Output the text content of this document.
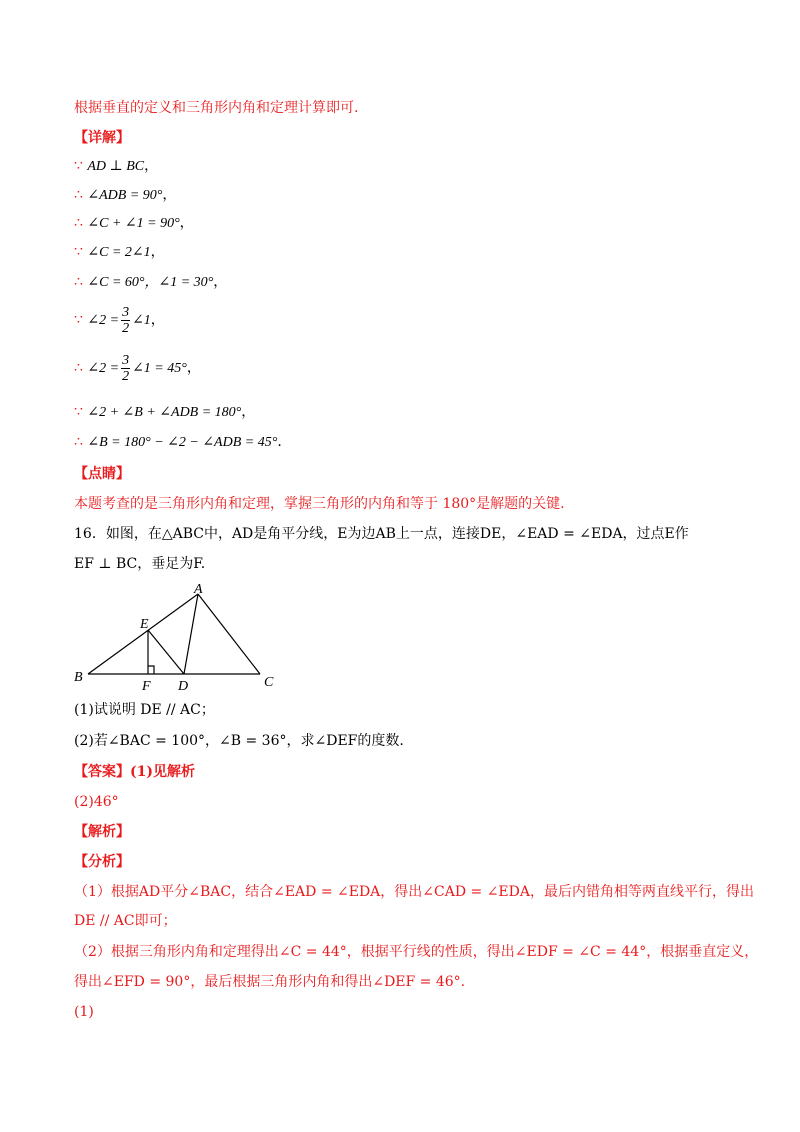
根据垂直的定义和三角形内角和定理计算即可.
【详解】
∵ AD ⊥ BC，
∴ ∠ADB = 90°，
∴ ∠C + ∠1 = 90°，
∵ ∠C = 2∠1，
∴ ∠C = 60°，∠1 = 30°，
∵ ∠2 = $\frac{3}{2}$ ∠1，
∴ ∠2 = $\frac{3}{2}$ ∠1 = 45°，
∵ ∠2 + ∠B + ∠ADB = 180°，
∴ ∠B = 180° − ∠2 − ∠ADB = 45°.
【点睛】
本题考查的是三角形内角和定理，掌握三角形的内角和等于 180°是解题的关键.
16．如图，在△ABC中，AD是角平分线，E为边AB上一点，连接DE，∠EAD = ∠EDA，过点E作
EF ⊥ BC，垂足为F.
A
B	C
D
E
F
(1)试说明 DE // AC；
(2)若∠BAC = 100°，∠B = 36°，求∠DEF的度数.
【答案】(1)见解析
(2)46°
【解析】
【分析】
（1）根据AD平分∠BAC，结合∠EAD = ∠EDA，得出∠CAD = ∠EDA，最后内错角相等两直线平行，得出
DE // AC即可；
（2）根据三角形内角和定理得出∠C = 44°，根据平行线的性质，得出∠EDF = ∠C = 44°，根据垂直定义，
得出∠EFD = 90°，最后根据三角形内角和得出∠DEF = 46°.
(1)
